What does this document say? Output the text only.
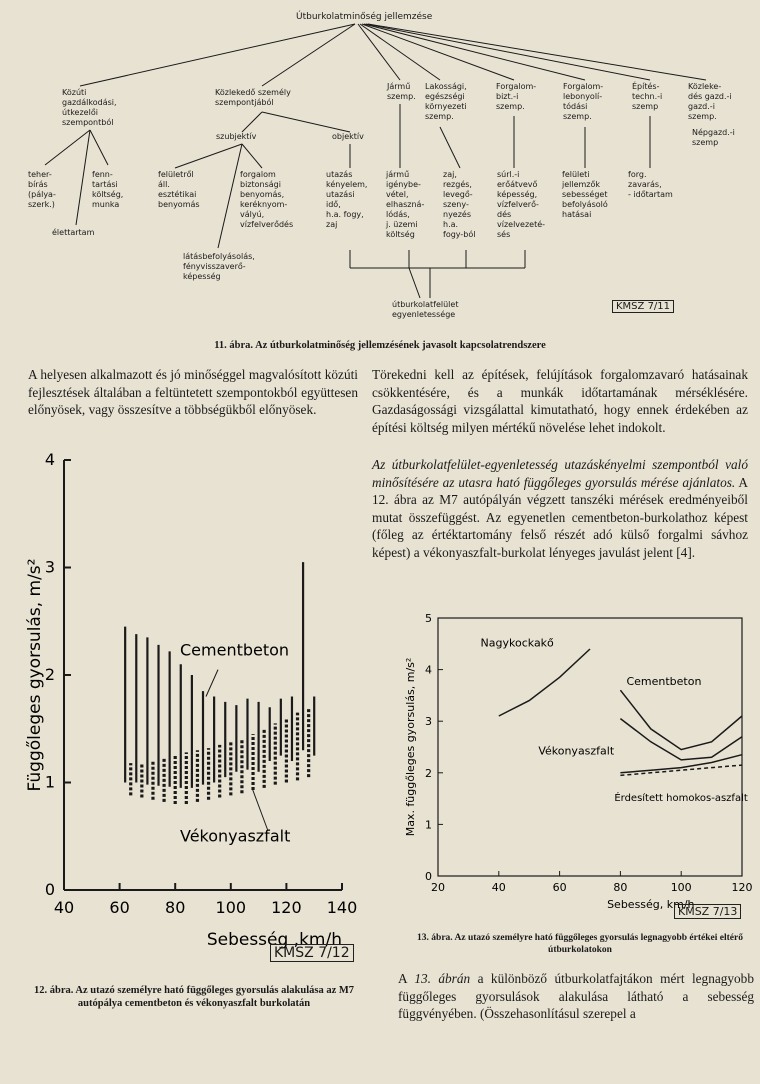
Útburkolatminőség jellemzése
Közúti
gazdálkodási,
útkezelői
szempontból
Közlekedő személy
szempontjából
Jármű
szemp.
Lakossági,
egészségi
környezeti
szemp.
Forgalom-
bizt.-i
szemp.
Forgalom-
lebonyolí-
tódási
szemp.
Építés-
techn.-i
szemp
Közleke-
dés gazd.-i
gazd.-i
szemp.
Népgazd.-i
szemp
teher-
bírás
(pálya-
szerk.)
fenn-
tartási
költség,
munka
élettartam
szubjektív	objektív
felületről
áll.
esztétikai
benyomás
forgalom
biztonsági
benyomás,
keréknyom-
vályú,
vízfelverődés
látásbefolyásolás,
fényvisszaverő-
képesség
utazás
kényelem,
utazási
idő,
h.a. fogy,
zaj
jármű
igénybe-
vétel,
elhaszná-
lódás,
j. üzemi
költség
zaj,
rezgés,
levegő-
szeny-
nyezés
h.a.
fogy-ból
súrl.-i
erőátvevő
képesség,
vízfelverő-
dés
vízelvezeté-
sés
felületi
jellemzők
sebességet
befolyásoló
hatásai
forg.
zavarás,
- időtartam
útburkolatfelület
egyenletessége
KMSZ 7/11
11. ábra. Az útburkolatminőség jellemzésének javasolt kapcsolatrendszere
A helyesen alkalmazott és jó minőséggel magvalósított közúti fejlesztések általában a feltüntetett szempontokból együttesen előnyösek, vagy összesítve a többségükből előnyösek.
Törekedni kell az építések, felújítások forgalomzavaró hatásainak csökkentésére, és a munkák időtartamának mérséklésére. Gazdaságossági vizsgálattal kimutatható, hogy ennek érdekében az építési költség milyen mértékű növelése lehet indokolt.
Az útburkolatfelület-egyenletesség utazáskényelmi szempontból való minősítésére az utasra ható függőleges gyorsulás mérése ajánlatos. A 12. ábra az M7 autópályán végzett tanszéki mérések eredményeiből mutat összefüggést. Az egyenetlen cementbeton-burkolathoz képest (főleg az értéktartomány felső részét adó külső forgalmi sávhoz képest) a vékonyaszfalt-burkolat lényeges javulást jelent [4].
0
1
2
3
4
40 60 80 100 120 140
Sebesség ,km/h
Függőleges gyorsulás, m/s²	Cementbeton
Vékonyaszfalt
KMSZ 7/12
12. ábra. Az utazó személyre ható függőleges gyorsulás alakulása az M7 autópálya cementbeton és vékonyaszfalt burkolatán
0
1
2
3
4
5
20	40	60	80	100	120
Sebesség, km/h
Max. függőleges gyorsulás, m/s²
Nagykockakő
Cementbeton
Vékonyaszfalt
Érdesített homokos-aszfalt
KMSZ 7/13
13. ábra. Az utazó személyre ható függőleges gyorsulás legnagyobb értékei eltérő útburkolatokon
A 13. ábrán a különböző útburkolatfajtákon mért legnagyobb függőleges gyorsulások alakulása látható a sebesség függvényében. (Összehasonlításul szerepel a
